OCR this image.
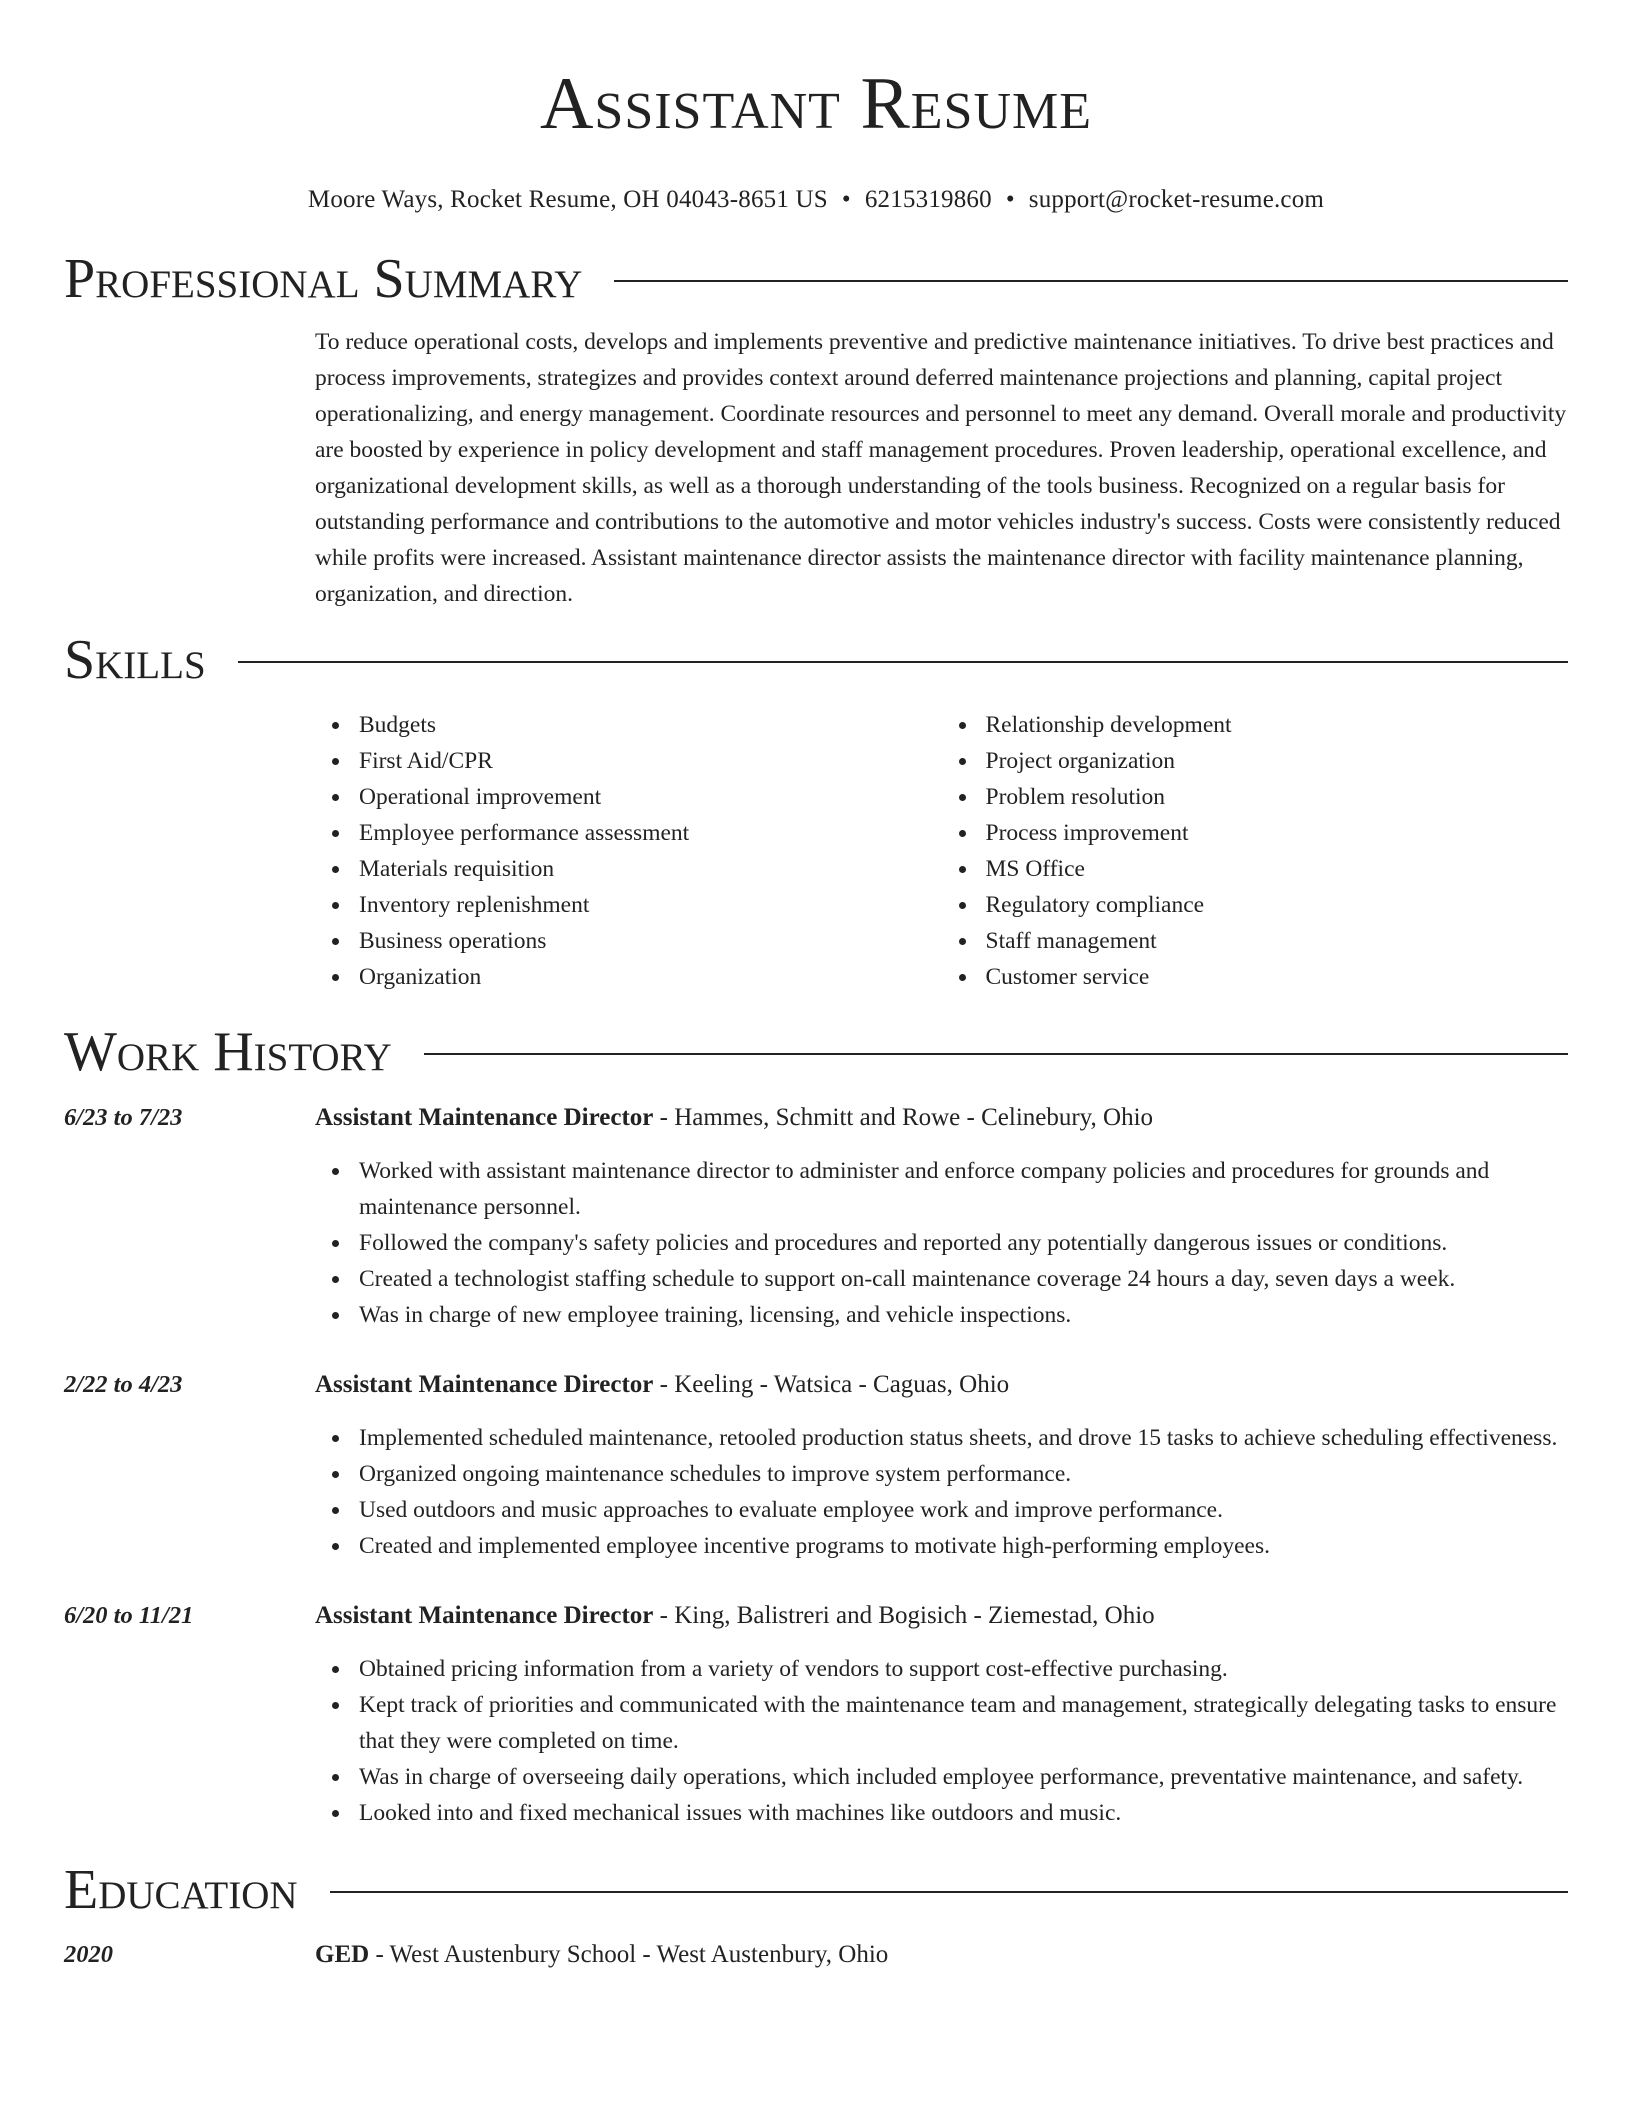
Assistant Resume
Moore Ways, Rocket Resume, OH 04043-8651 US • 6215319860 • support@rocket-resume.com
Professional Summary

To reduce operational costs, develops and implements preventive and predictive maintenance initiatives. To drive best practices and process improvements, strategizes and provides context around deferred maintenance projections and planning, capital project operationalizing, and energy management. Coordinate resources and personnel to meet any demand. Overall morale and productivity are boosted by experience in policy development and staff management procedures. Proven leadership, operational excellence, and organizational development skills, as well as a thorough understanding of the tools business. Recognized on a regular basis for outstanding performance and contributions to the automotive and motor vehicles industry's success. Costs were consistently reduced while profits were increased. Assistant maintenance director assists the maintenance director with facility maintenance planning, organization, and direction.

Skills
Budgets
First Aid/CPR
Operational improvement
Employee performance assessment
Materials requisition
Inventory replenishment
Business operations
Organization
Relationship development
Project organization
Problem resolution
Process improvement
MS Office
Regulatory compliance
Staff management
Customer service
Work History
6/23 to 7/23	Assistant Maintenance Director - Hammes, Schmitt and Rowe - Celinebury, Ohio
Worked with assistant maintenance director to administer and enforce company policies and procedures for grounds and maintenance personnel.
Followed the company's safety policies and procedures and reported any potentially dangerous issues or conditions.
Created a technologist staffing schedule to support on-call maintenance coverage 24 hours a day, seven days a week.
Was in charge of new employee training, licensing, and vehicle inspections.
2/22 to 4/23	Assistant Maintenance Director - Keeling - Watsica - Caguas, Ohio
Implemented scheduled maintenance, retooled production status sheets, and drove 15 tasks to achieve scheduling effectiveness.
Organized ongoing maintenance schedules to improve system performance.
Used outdoors and music approaches to evaluate employee work and improve performance.
Created and implemented employee incentive programs to motivate high-performing employees.
6/20 to 11/21	Assistant Maintenance Director - King, Balistreri and Bogisich - Ziemestad, Ohio
Obtained pricing information from a variety of vendors to support cost-effective purchasing.
Kept track of priorities and communicated with the maintenance team and management, strategically delegating tasks to ensure that they were completed on time.
Was in charge of overseeing daily operations, which included employee performance, preventative maintenance, and safety.
Looked into and fixed mechanical issues with machines like outdoors and music.
Education
2020	GED - West Austenbury School - West Austenbury, Ohio
